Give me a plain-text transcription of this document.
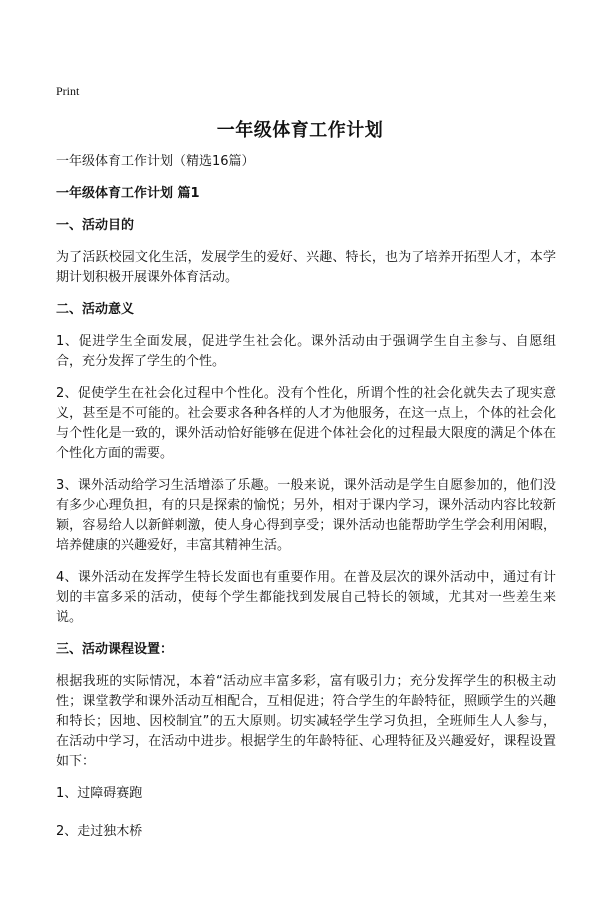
Print
一年级体育工作计划
一年级体育工作计划（精选16篇）
一年级体育工作计划 篇1
一、活动目的
为了活跃校园文化生活，发展学生的爱好、兴趣、特长，也为了培养开拓型人才，本学期计划积极开展课外体育活动。
二、活动意义
1、促进学生全面发展，促进学生社会化。课外活动由于强调学生自主参与、自愿组合，充分发挥了学生的个性。
2、促使学生在社会化过程中个性化。没有个性化，所谓个性的社会化就失去了现实意义，甚至是不可能的。社会要求各种各样的人才为他服务，在这一点上，个体的社会化与个性化是一致的，课外活动恰好能够在促进个体社会化的过程最大限度的满足个体在个性化方面的需要。
3、课外活动给学习生活增添了乐趣。一般来说，课外活动是学生自愿参加的，他们没有多少心理负担，有的只是探索的愉悦；另外，相对于课内学习，课外活动内容比较新颖，容易给人以新鲜刺激，使人身心得到享受；课外活动也能帮助学生学会利用闲暇，培养健康的兴趣爱好，丰富其精神生活。
4、课外活动在发挥学生特长发面也有重要作用。在普及层次的课外活动中，通过有计划的丰富多采的活动，使每个学生都能找到发展自己特长的领域，尤其对一些差生来说。
三、活动课程设置：
根据我班的实际情况，本着“活动应丰富多彩，富有吸引力；充分发挥学生的积极主动性；课堂教学和课外活动互相配合，互相促进；符合学生的年龄特征，照顾学生的兴趣和特长；因地、因校制宜”的五大原则。切实减轻学生学习负担，全班师生人人参与，在活动中学习，在活动中进步。根据学生的年龄特征、心理特征及兴趣爱好，课程设置如下：
1、过障碍赛跑
2、走过独木桥
